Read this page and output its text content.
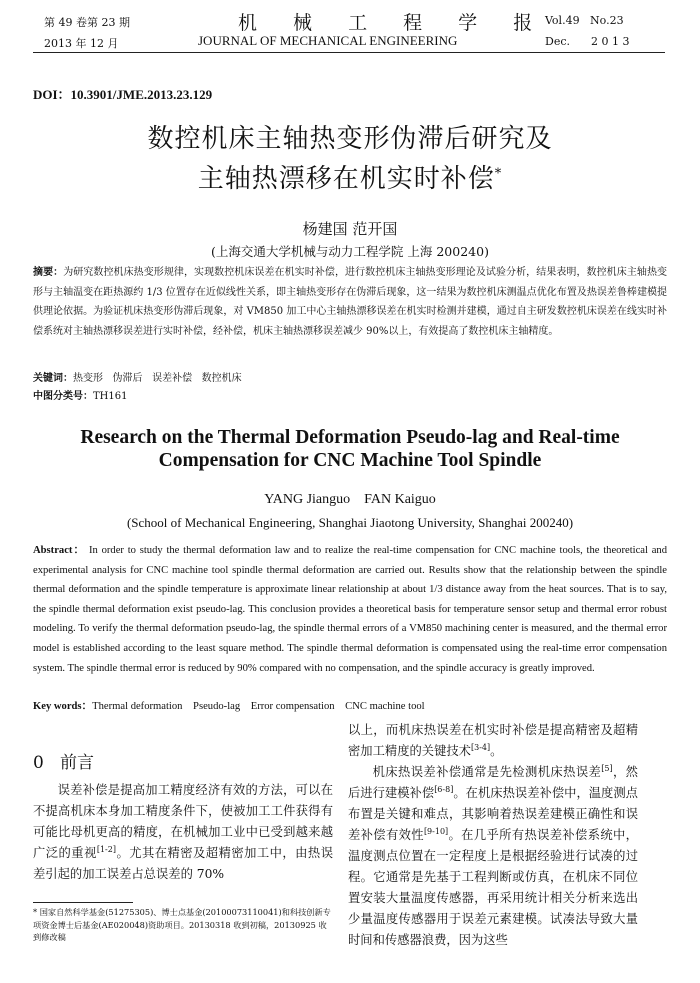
第 49 卷第 23 期
2013 年 12 月
机 械 工 程 学 报
JOURNAL OF MECHANICAL ENGINEERING
Vol.49   No.23
Dec.      2 0 1 3
DOI：10.3901/JME.2013.23.129
数控机床主轴热变形伪滞后研究及
主轴热漂移在机实时补偿*
杨建国 范开国
(上海交通大学机械与动力工程学院 上海 200240)
摘要：为研究数控机床热变形规律，实现数控机床误差在机实时补偿，进行数控机床主轴热变形理论及试验分析，结果表明，数控机床主轴热变形与主轴温变在距热源约 1/3 位置存在近似线性关系，即主轴热变形存在伪滞后现象，这一结果为数控机床测温点优化布置及热误差鲁棒建模提供理论依据。为验证机床热变形伪滞后现象，对 VM850 加工中心主轴热漂移误差在机实时检测并建模，通过自主研发数控机床误差在线实时补偿系统对主轴热漂移误差进行实时补偿，经补偿，机床主轴热漂移误差减少 90%以上，有效提高了数控机床主轴精度。
关键词：热变形   伪滞后   误差补偿   数控机床
中图分类号：TH161
Research on the Thermal Deformation Pseudo-lag and Real-time
Compensation for CNC Machine Tool Spindle
YANG Jianguo    FAN Kaiguo
(School of Mechanical Engineering, Shanghai Jiaotong University, Shanghai 200240)
Abstract： In order to study the thermal deformation law and to realize the real-time compensation for CNC machine tools, the theoretical and experimental analysis for CNC machine tool spindle thermal deformation are carried out. Results show that the relationship between the spindle thermal deformation and the spindle temperature is approximate linear relationship at about 1/3 distance away from the heat sources. That is to say, the spindle thermal deformation exist pseudo-lag. This conclusion provides a theoretical basis for temperature sensor setup and thermal error robust modeling. To verify the thermal deformation pseudo-lag, the spindle thermal errors of a VM850 machining center is measured, and the thermal error model is established according to the least square method. The spindle thermal deformation is compensated using the real-time error compensation system. The spindle thermal error is reduced by 90% compared with no compensation, and the spindle accuracy is greatly improved.
Key words：Thermal deformation    Pseudo-lag    Error compensation    CNC machine tool
0 前言

误差补偿是提高加工精度经济有效的方法，可以在不提高机床本身加工精度条件下，使被加工工件获得有可能比母机更高的精度，在机械加工业中已受到越来越广泛的重视[1-2]。尤其在精密及超精密加工中，由热误差引起的加工误差占总误差的 70%

* 国家自然科学基金(51275305)、博士点基金(20100073110041)和科技创新专项资金博士后基金(AE020048)资助项目。20130318 收到初稿，20130925 收到修改稿

以上，而机床热误差在机实时补偿是提高精密及超精密加工精度的关键技术[3-4]。

机床热误差补偿通常是先检测机床热误差[5]，然后进行建模补偿[6-8]。在机床热误差补偿中，温度测点布置是关键和难点，其影响着热误差建模正确性和误差补偿有效性[9-10]。在几乎所有热误差补偿系统中，温度测点位置在一定程度上是根据经验进行试凑的过程。它通常是先基于工程判断或仿真，在机床不同位置安装大量温度传感器，再采用统计相关分析来选出少量温度传感器用于误差元素建模。试凑法导致大量时间和传感器浪费，因为这些
